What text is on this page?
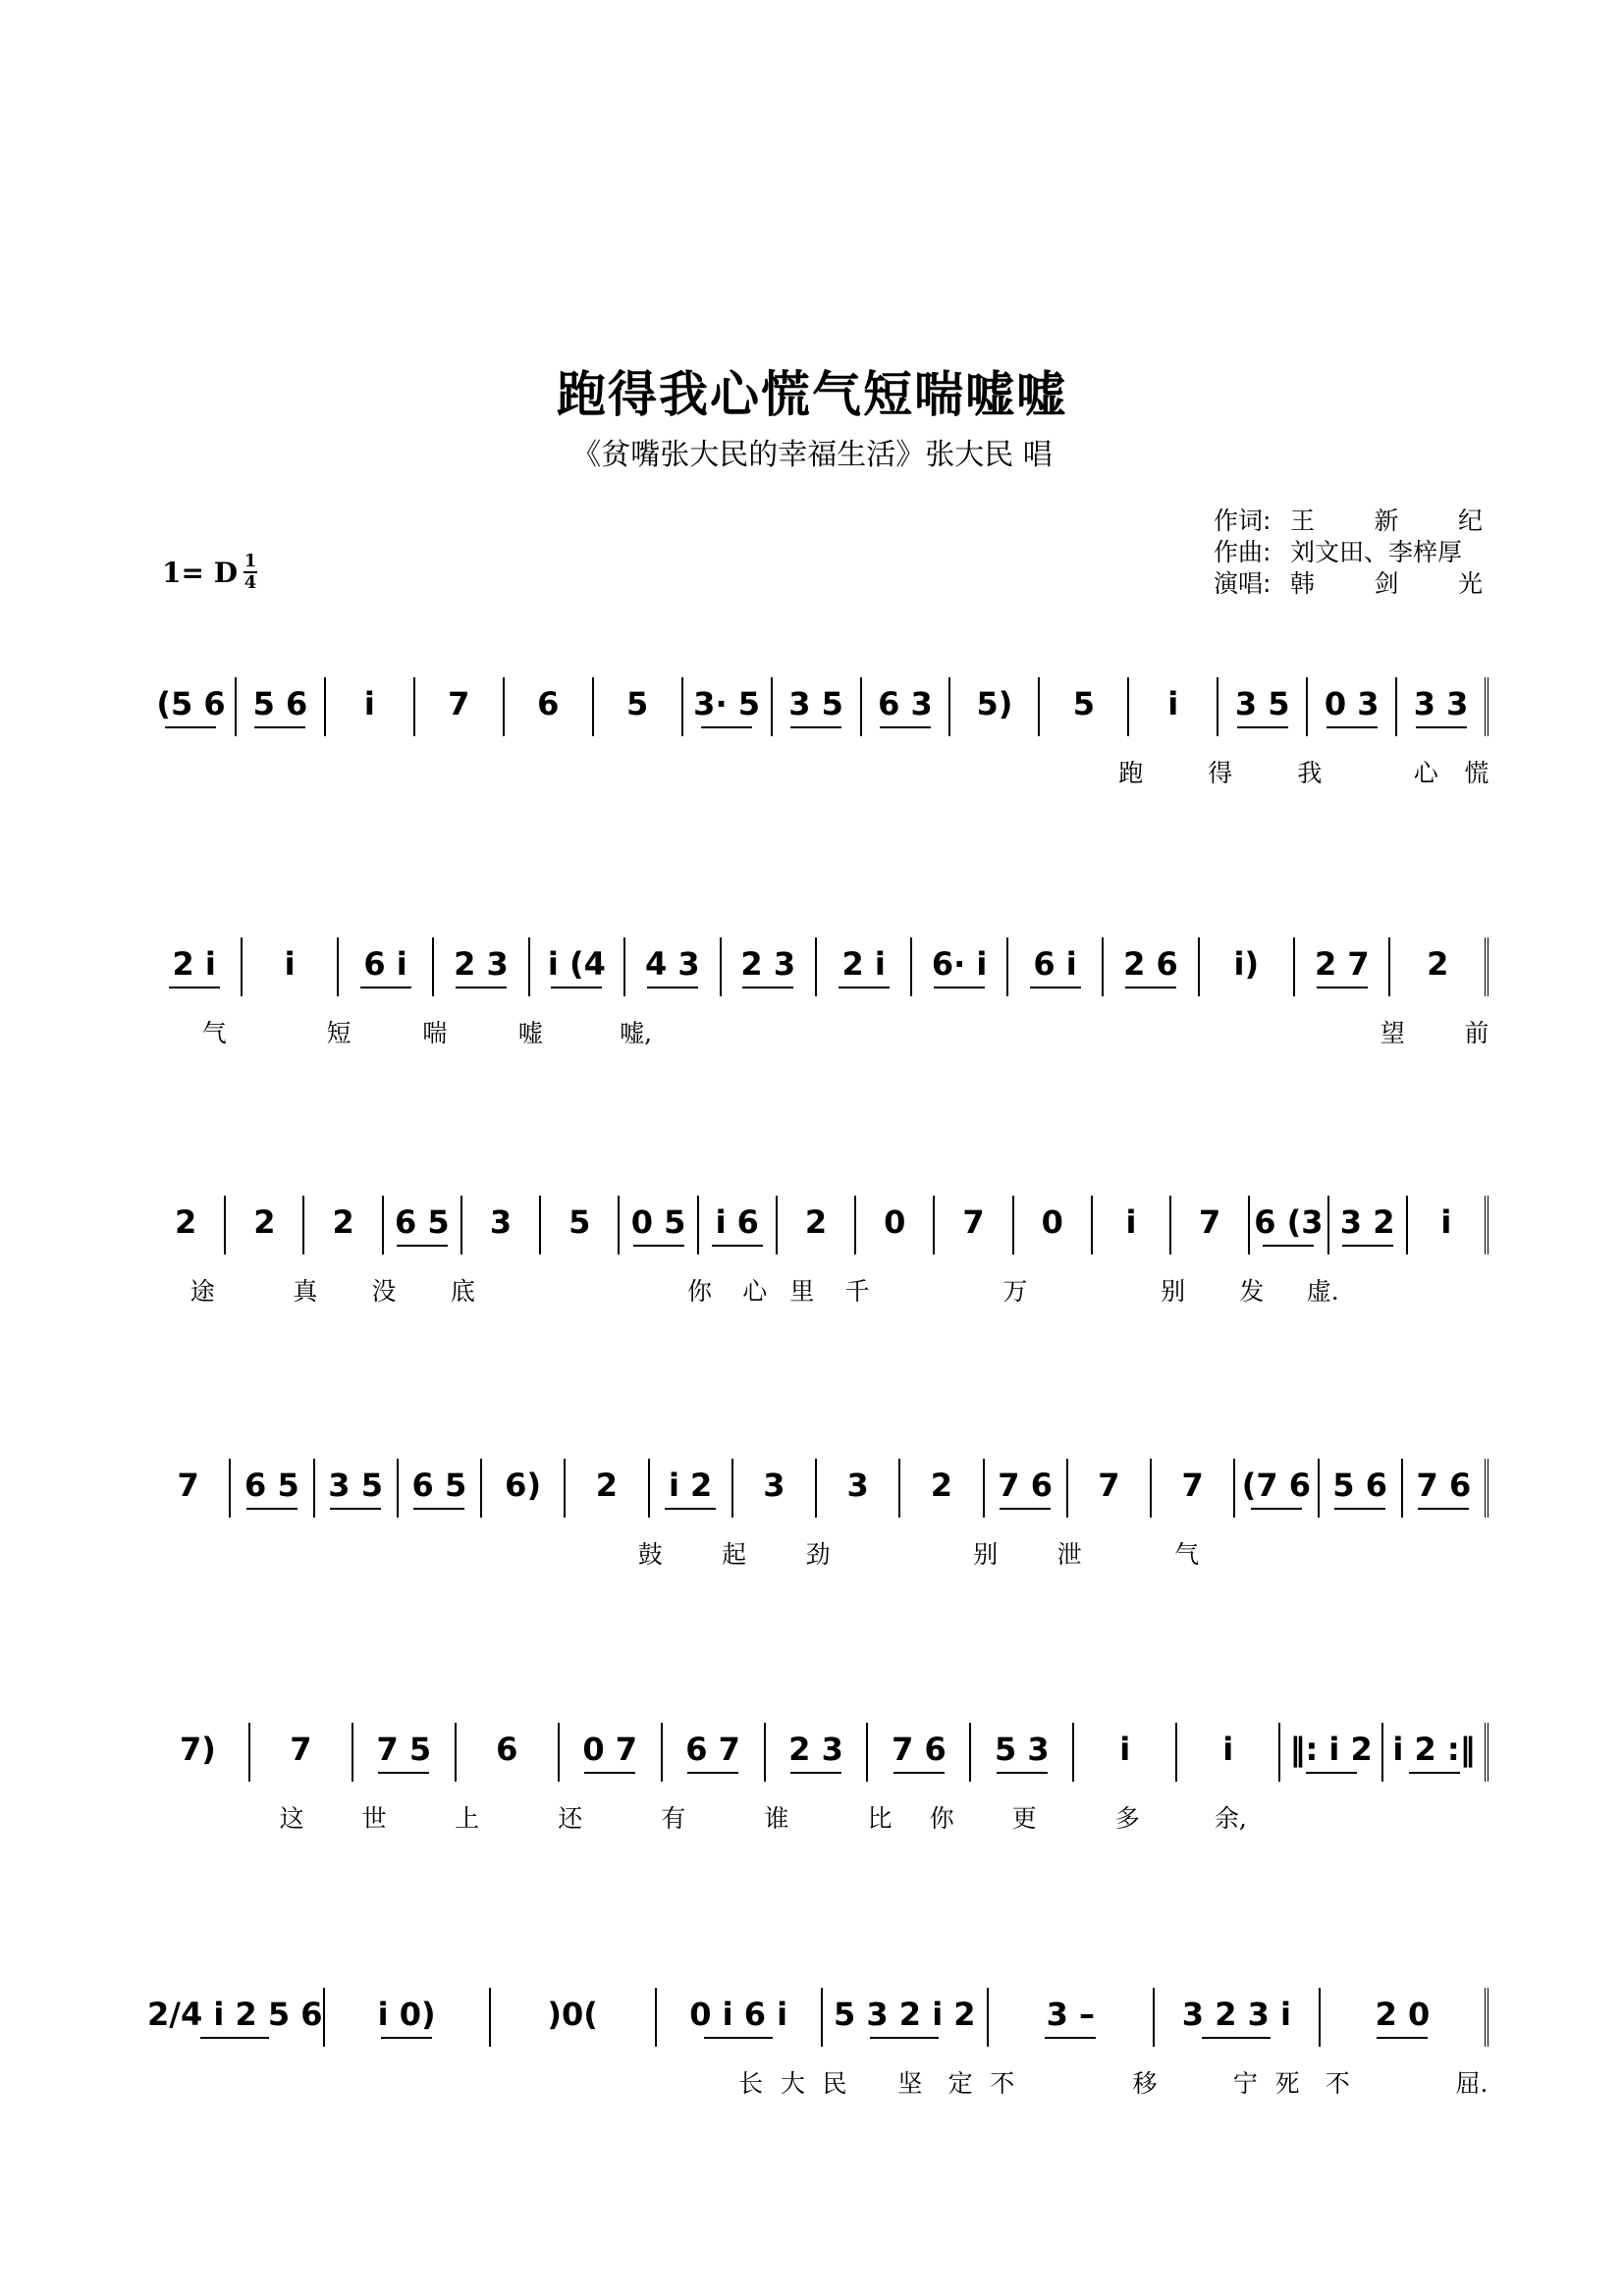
跑得我心慌气短喘嘘嘘
《贫嘴张大民的幸福生活》张大民 唱
作词: 王 新 纪
作曲: 刘文田、李梓厚
演唱: 韩 剑 光
1= D $\frac{1}{4}$
(5 6 5 6 i 7 6 5 3· 5 3 5 6 3 5) 5 i 3 5 0 3 3 3
跑	得	我	心 慌
2 i i 6 i 2 3 i (4 4 3 2 3 2 i 6· i 6 i 2 6 i) 2 7 2
气	短	喘	嘘	嘘,	望 前
2 2 2 6 5 3 5 0 5 i 6 2 0 7 0 i 7 6 (3 3 2 i
途	真 没 底	你 心 里 千	万	别 发 虚.
7 6 5 3 5 6 5 6) 2 i 2 3 3 2 7 6 7 7 (7 6 5 6 7 6
鼓 起 劲	别 泄	气
7) 7 7 5 6 0 7 6 7 2 3 7 6 5 3 i	i ‖: i 2 i 2 :‖
这 世	上	还	有	谁	比 你 更	多	余,
2/4 i 2 5 6 i 0)	)0(	0 i 6 i 5 3 2 i 2 3 –	3 2 3 i	2 0
长 大 民 坚 定 不	移	宁 死 不	屈.
